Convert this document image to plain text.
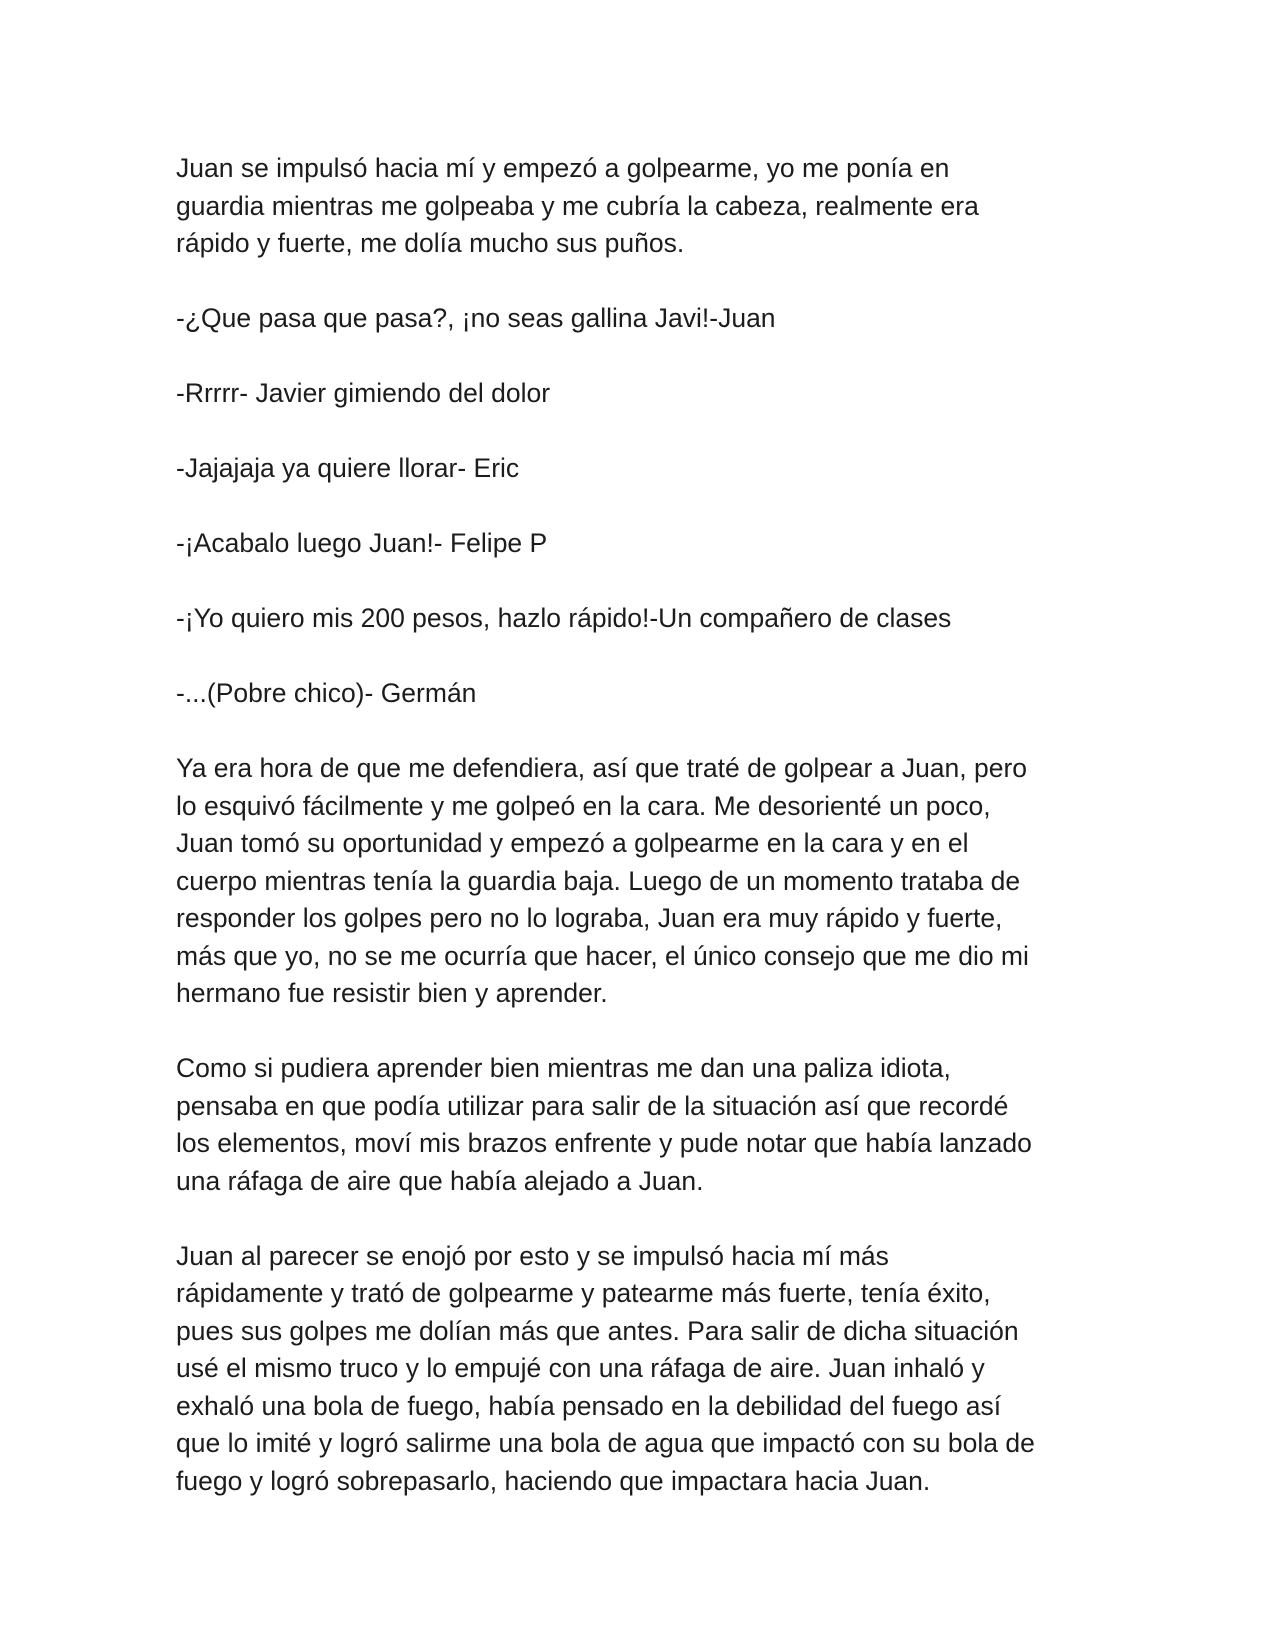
Juan se impulsó hacia mí y empezó a golpearme, yo me ponía en
guardia mientras me golpeaba y me cubría la cabeza, realmente era
rápido y fuerte, me dolía mucho sus puños.

-¿Que pasa que pasa?, ¡no seas gallina Javi!-Juan

-Rrrrr- Javier gimiendo del dolor

-Jajajaja ya quiere llorar- Eric

-¡Acabalo luego Juan!- Felipe P

-¡Yo quiero mis 200 pesos, hazlo rápido!-Un compañero de clases

-...(Pobre chico)- Germán

Ya era hora de que me defendiera, así que traté de golpear a Juan, pero
lo esquivó fácilmente y me golpeó en la cara. Me desorienté un poco,
Juan tomó su oportunidad y empezó a golpearme en la cara y en el
cuerpo mientras tenía la guardia baja. Luego de un momento trataba de
responder los golpes pero no lo lograba, Juan era muy rápido y fuerte,
más que yo, no se me ocurría que hacer, el único consejo que me dio mi
hermano fue resistir bien y aprender.

Como si pudiera aprender bien mientras me dan una paliza idiota,
pensaba en que podía utilizar para salir de la situación así que recordé
los elementos, moví mis brazos enfrente y pude notar que había lanzado
una ráfaga de aire que había alejado a Juan.

Juan al parecer se enojó por esto y se impulsó hacia mí más
rápidamente y trató de golpearme y patearme más fuerte, tenía éxito,
pues sus golpes me dolían más que antes. Para salir de dicha situación
usé el mismo truco y lo empujé con una ráfaga de aire. Juan inhaló y
exhaló una bola de fuego, había pensado en la debilidad del fuego así
que lo imité y logró salirme una bola de agua que impactó con su bola de
fuego y logró sobrepasarlo, haciendo que impactara hacia Juan.
